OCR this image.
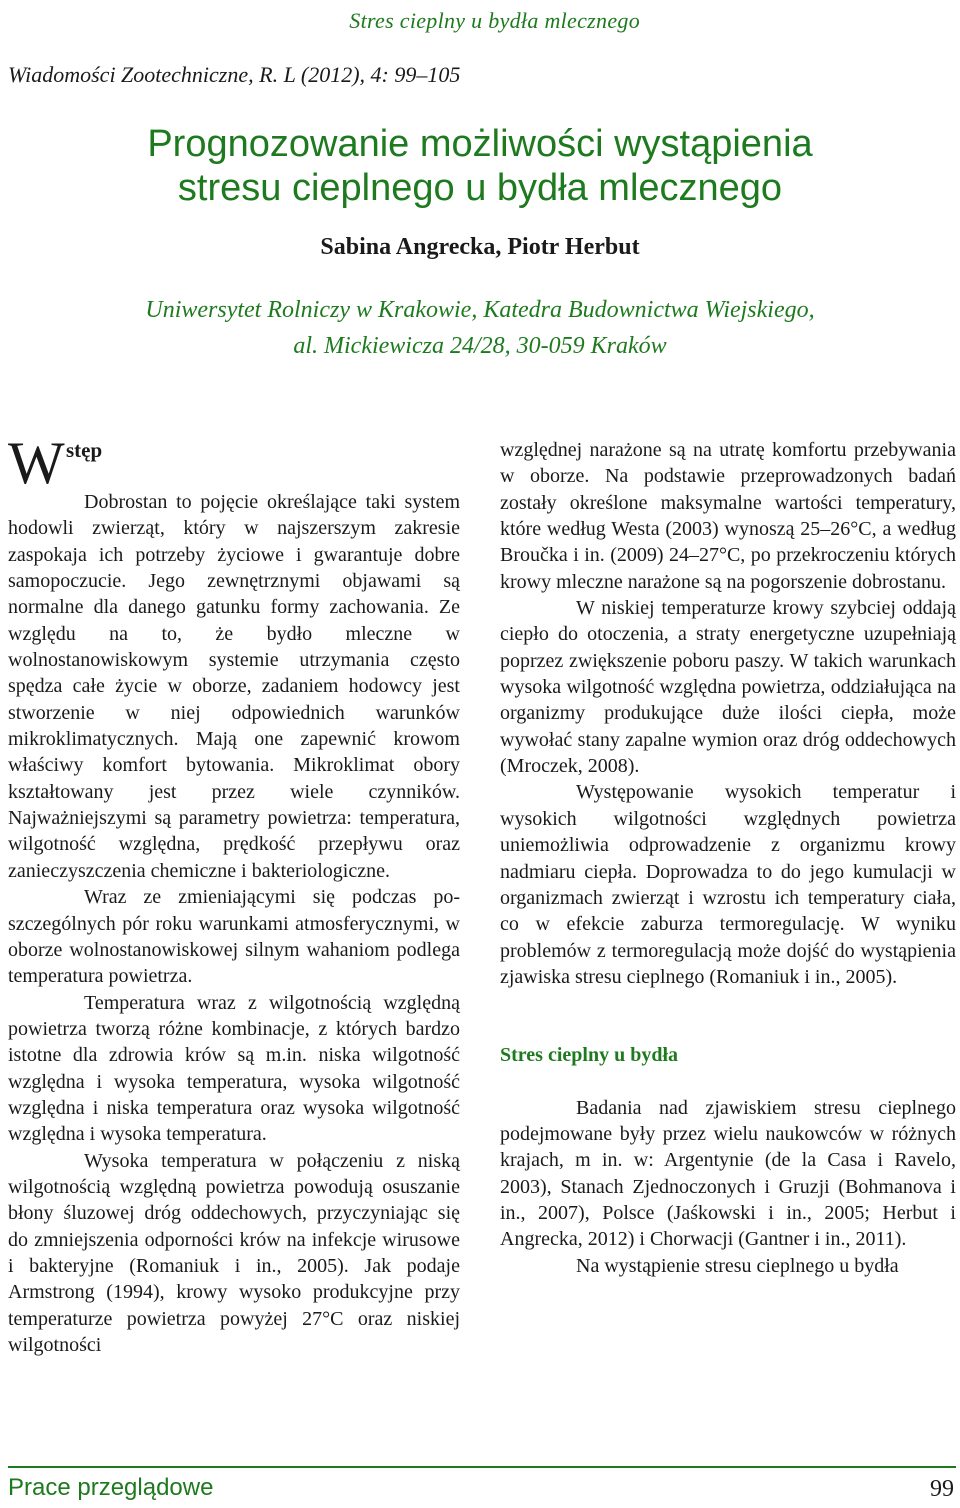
Stres cieplny u bydła mlecznego
Wiadomości Zootechniczne, R. L (2012), 4: 99–105
Prognozowanie możliwości wystąpienia
stresu cieplnego u bydła mlecznego
Sabina Angrecka, Piotr Herbut
Uniwersytet Rolniczy w Krakowie, Katedra Budownictwa Wiejskiego,
al. Mickiewicza 24/28, 30-059 Kraków
W stęp

Dobrostan to pojęcie określające taki system hodowli zwierząt, który w najszerszym zakresie zaspokaja ich potrzeby życiowe i gwarantuje dobre samopoczucie. Jego zewnętrznymi objawami są normalne dla danego gatunku formy zachowania. Ze względu na to, że bydło mleczne w wolnostanowiskowym systemie utrzymania często spędza całe życie w oborze, zadaniem hodowcy jest stworzenie w niej odpowiednich warunków mikroklimatycznych. Mają one zapewnić krowom właściwy komfort bytowania. Mikroklimat obory kształtowany jest przez wiele czynników. Najważniejszymi są parametry powietrza: temperatura, wilgotność względna, prędkość przepływu oraz zanieczyszczenia chemiczne i bakteriologiczne.

Wraz ze zmieniającymi się podczas poszczególnych pór roku warunkami atmosferycznymi, w oborze wolnostanowiskowej silnym wahaniom podlega temperatura powietrza.

Temperatura wraz z wilgotnością względną powietrza tworzą różne kombinacje, z których bardzo istotne dla zdrowia krów są m.in. niska wilgotność względna i wysoka temperatura, wysoka wilgotność względna i niska temperatura oraz wysoka wilgotność względna i wysoka temperatura.

Wysoka temperatura w połączeniu z niską wilgotnością względną powietrza powodują osuszanie błony śluzowej dróg oddechowych, przyczyniając się do zmniejszenia odporności krów na infekcje wirusowe i bakteryjne (Romaniuk i in., 2005). Jak podaje Armstrong (1994), krowy wysoko produkcyjne przy temperaturze powietrza powyżej 27°C oraz niskiej wilgotności

względnej narażone są na utratę komfortu przebywania w oborze. Na podstawie przeprowadzonych badań zostały określone maksymalne wartości temperatury, które według Westa (2003) wynoszą 25–26°C, a według Broučka i in. (2009) 24–27°C, po przekroczeniu których krowy mleczne narażone są na pogorszenie dobrostanu.

W niskiej temperaturze krowy szybciej oddają ciepło do otoczenia, a straty energetyczne uzupełniają poprzez zwiększenie poboru paszy. W takich warunkach wysoka wilgotność względna powietrza, oddziałująca na organizmy produkujące duże ilości ciepła, może wywołać stany zapalne wymion oraz dróg oddechowych (Mroczek, 2008).

Występowanie wysokich temperatur i wysokich wilgotności względnych powietrza uniemożliwia odprowadzenie z organizmu krowy nadmiaru ciepła. Doprowadza to do jego kumulacji w organizmach zwierząt i wzrostu ich temperatury ciała, co w efekcie zaburza termoregulację. W wyniku problemów z termoregulacją może dojść do wystąpienia zjawiska stresu cieplnego (Romaniuk i in., 2005).

Stres cieplny u bydła

Badania nad zjawiskiem stresu cieplnego podejmowane były przez wielu naukowców w różnych krajach, m in. w: Argentynie (de la Casa i Ravelo, 2003), Stanach Zjednoczonych i Gruzji (Bohmanova i in., 2007), Polsce (Jaśkowski i in., 2005; Herbut i Angrecka, 2012) i Chorwacji (Gantner i in., 2011).

Na wystąpienie stresu cieplnego u bydła

Prace przeglądowe	99
